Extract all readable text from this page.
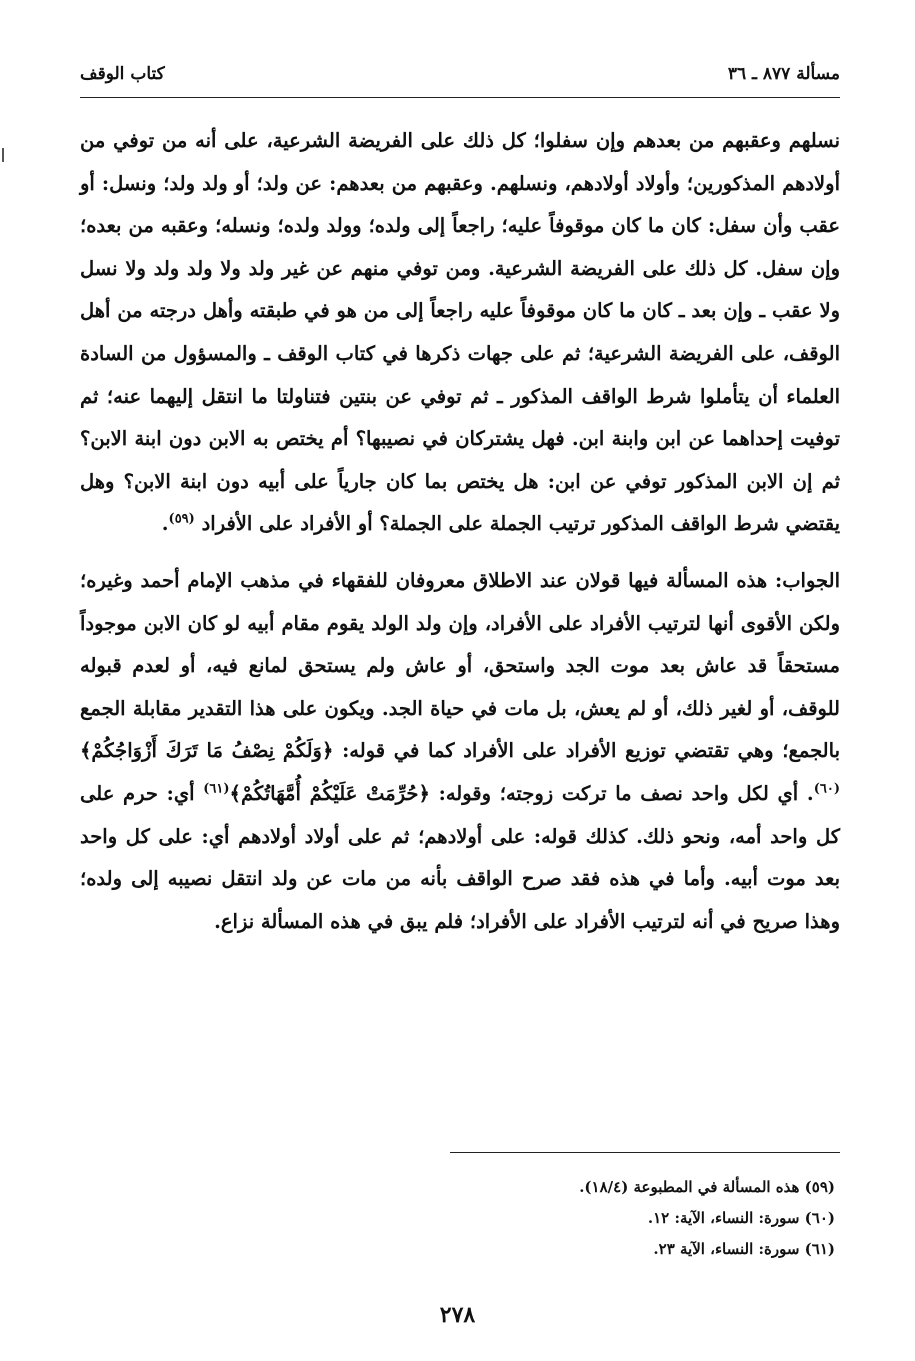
مسألة ٨٧٧ ـ ٣٦
كتاب الوقف

نسلهم وعقبهم من بعدهم وإن سفلوا؛ كل ذلك على الفريضة الشرعية، على أنه من توفي من أولادهم المذكورين؛ وأولاد أولادهم، ونسلهم. وعقبهم من بعدهم: عن ولد؛ أو ولد ولد؛ ونسل: أو عقب وأن سفل: كان ما كان موقوفاً عليه؛ راجعاً إلى ولده؛ وولد ولده؛ ونسله؛ وعقبه من بعده؛ وإن سفل. كل ذلك على الفريضة الشرعية. ومن توفي منهم عن غير ولد ولا ولد ولد ولا نسل ولا عقب ـ وإن بعد ـ كان ما كان موقوفاً عليه راجعاً إلى من هو في طبقته وأهل درجته من أهل الوقف، على الفريضة الشرعية؛ ثم على جهات ذكرها في كتاب الوقف ـ والمسؤول من السادة العلماء أن يتأملوا شرط الواقف المذكور ـ ثم توفي عن بنتين فتناولتا ما انتقل إليهما عنه؛ ثم توفيت إحداهما عن ابن وابنة ابن. فهل يشتركان في نصيبها؟ أم يختص به الابن دون ابنة الابن؟ ثم إن الابن المذكور توفي عن ابن: هل يختص بما كان جارياً على أبيه دون ابنة الابن؟ وهل يقتضي شرط الواقف المذكور ترتيب الجملة على الجملة؟ أو الأفراد على الأفراد $^{(٥٩)}$.

الجواب: هذه المسألة فيها قولان عند الاطلاق معروفان للفقهاء في مذهب الإمام أحمد وغيره؛ ولكن الأقوى أنها لترتيب الأفراد على الأفراد، وإن ولد الولد يقوم مقام أبيه لو كان الابن موجوداً مستحقاً قد عاش بعد موت الجد واستحق، أو عاش ولم يستحق لمانع فيه، أو لعدم قبوله للوقف، أو لغير ذلك، أو لم يعش، بل مات في حياة الجد. ويكون على هذا التقدير مقابلة الجمع بالجمع؛ وهي تقتضي توزيع الأفراد على الأفراد كما في قوله: ﴿وَلَكُمْ نِصْفُ مَا تَرَكَ أَزْوَاجُكُمْ﴾$^{(٦٠)}$. أي لكل واحد نصف ما تركت زوجته؛ وقوله: ﴿حُرِّمَتْ عَلَيْكُمْ أُمَّهَاتُكُمْ﴾$^{(٦١)}$ أي: حرم على كل واحد أمه، ونحو ذلك. كذلك قوله: على أولادهم؛ ثم على أولاد أولادهم أي: على كل واحد بعد موت أبيه. وأما في هذه فقد صرح الواقف بأنه من مات عن ولد انتقل نصيبه إلى ولده؛ وهذا صريح في أنه لترتيب الأفراد على الأفراد؛ فلم يبق في هذه المسألة نزاع.

(٥٩) هذه المسألة في المطبوعة (١٨/٤).
(٦٠) سورة: النساء، الآية: ١٢.
(٦١) سورة: النساء، الآية ٢٣.
٢٧٨
